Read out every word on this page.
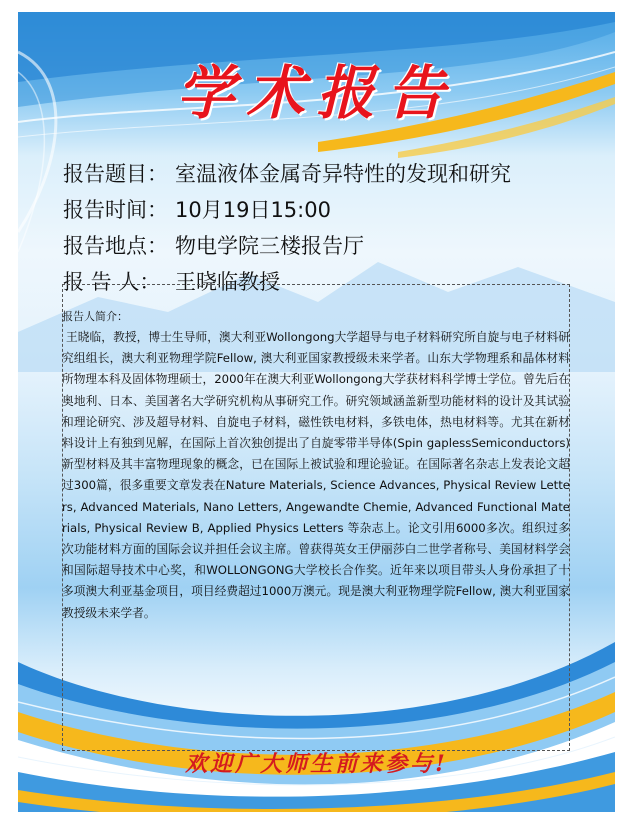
学术报告
报告题目： 室温液体金属奇异特性的发现和研究
报告时间： 10月19日15:00
报告地点： 物电学院三楼报告厅
报 告 人： 王晓临教授
报告人简介：

王晓临，教授，博士生导师，澳大利亚Wollongong大学超导与电子材料研究所自旋与电子材料研究组组长，澳大利亚物理学院Fellow, 澳大利亚国家教授级未来学者。山东大学物理系和晶体材料所物理本科及固体物理硕士，2000年在澳大利亚Wollongong大学获材料科学博士学位。曾先后在奥地利、日本、美国著名大学研究机构从事研究工作。研究领域涵盖新型功能材料的设计及其试验和理论研究、涉及超导材料、自旋电子材料，磁性铁电材料，多铁电体，热电材料等。尤其在新材料设计上有独到见解，在国际上首次独创提出了自旋零带半导体(Spin gaplessSemiconductors) 新型材料及其丰富物理现象的概念，已在国际上被试验和理论验证。在国际著名杂志上发表论文超过300篇，很多重要文章发表在Nature Materials, Science Advances, Physical Review Letters, Advanced Materials, Nano Letters, Angewandte Chemie, Advanced Functional Materials, Physical Review B, Applied Physics Letters 等杂志上。论文引用6000多次。组织过多次功能材料方面的国际会议并担任会议主席。曾获得英女王伊丽莎白二世学者称号、美国材料学会和国际超导技术中心奖，和WOLLONGONG大学校长合作奖。近年来以项目带头人身份承担了十多项澳大利亚基金项目，项目经费超过1000万澳元。现是澳大利亚物理学院Fellow, 澳大利亚国家教授级未来学者。

欢迎广大师生前来参与!
